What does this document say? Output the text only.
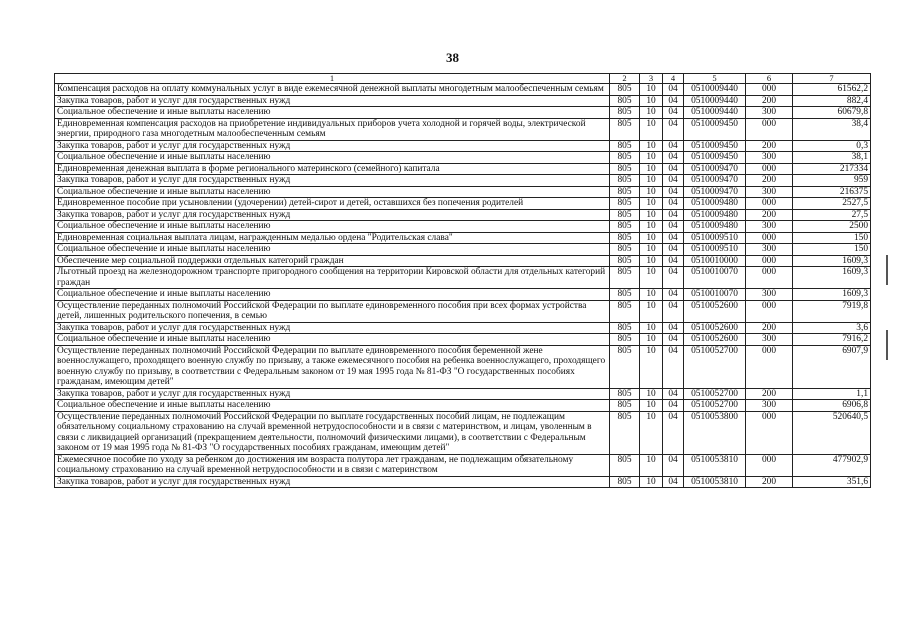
38
1	2	3	4	5	6	7
Компенсация расходов на оплату коммунальных услуг в виде ежемесячной денежной выплаты многодетным малообеспеченным семьям	805	10	04	0510009440	000	61562,2
Закупка товаров, работ и услуг для государственных нужд	805	10	04	0510009440	200	882,4
Социальное обеспечение и иные выплаты населению	805	10	04	0510009440	300	60679,8
Единовременная компенсация расходов на приобретение индивидуальных приборов учета холодной и горячей воды, электрической энергии, природного газа многодетным малообеспеченным семьям	805	10	04	0510009450	000	38,4
Закупка товаров, работ и услуг для государственных нужд	805	10	04	0510009450	200	0,3
Социальное обеспечение и иные выплаты населению	805	10	04	0510009450	300	38,1
Единовременная денежная выплата в форме регионального материнского (семейного) капитала	805	10	04	0510009470	000	217334
Закупка товаров, работ и услуг для государственных нужд	805	10	04	0510009470	200	959
Социальное обеспечение и иные выплаты населению	805	10	04	0510009470	300	216375
Единовременное пособие при усыновлении (удочерении) детей-сирот и детей, оставшихся без попечения родителей	805	10	04	0510009480	000	2527,5
Закупка товаров, работ и услуг для государственных нужд	805	10	04	0510009480	200	27,5
Социальное обеспечение и иные выплаты населению	805	10	04	0510009480	300	2500
Единовременная социальная выплата лицам, награжденным медалью ордена "Родительская слава"	805	10	04	0510009510	000	150
Социальное обеспечение и иные выплаты населению	805	10	04	0510009510	300	150
Обеспечение мер социальной поддержки отдельных категорий граждан	805	10	04	0510010000	000	1609,3
Льготный проезд на железнодорожном транспорте пригородного сообщения на территории Кировской области для отдельных категорий граждан	805	10	04	0510010070	000	1609,3
Социальное обеспечение и иные выплаты населению	805	10	04	0510010070	300	1609,3
Осуществление переданных полномочий Российской Федерации по выплате единовременного пособия при всех формах устройства детей, лишенных родительского попечения, в семью	805	10	04	0510052600	000	7919,8
Закупка товаров, работ и услуг для государственных нужд	805	10	04	0510052600	200	3,6
Социальное обеспечение и иные выплаты населению	805	10	04	0510052600	300	7916,2
Осуществление переданных полномочий Российской Федерации по выплате единовременного пособия беременной жене военнослужащего, проходящего военную службу по призыву, а также ежемесячного пособия на ребенка военнослужащего, проходящего военную службу по призыву, в соответствии с Федеральным законом от 19 мая 1995 года № 81-ФЗ "О государственных пособиях гражданам, имеющим детей"	805	10	04	0510052700	000	6907,9
Закупка товаров, работ и услуг для государственных нужд	805	10	04	0510052700	200	1,1
Социальное обеспечение и иные выплаты населению	805	10	04	0510052700	300	6906,8
Осуществление переданных полномочий Российской Федерации по выплате государственных пособий лицам, не подлежащим обязательному социальному страхованию на случай временной нетрудоспособности и в связи с материнством, и лицам, уволенным в связи с ликвидацией организаций (прекращением деятельности, полномочий физическими лицами), в соответствии с Федеральным законом от 19 мая 1995 года № 81-ФЗ "О государственных пособиях гражданам, имеющим детей"	805	10	04	0510053800	000	520640,5
Ежемесячное пособие по уходу за ребенком до достижения им возраста полутора лет гражданам, не подлежащим обязательному социальному страхованию на случай временной нетрудоспособности и в связи с материнством	805	10	04	0510053810	000	477902,9
Закупка товаров, работ и услуг для государственных нужд	805	10	04	0510053810	200	351,6
